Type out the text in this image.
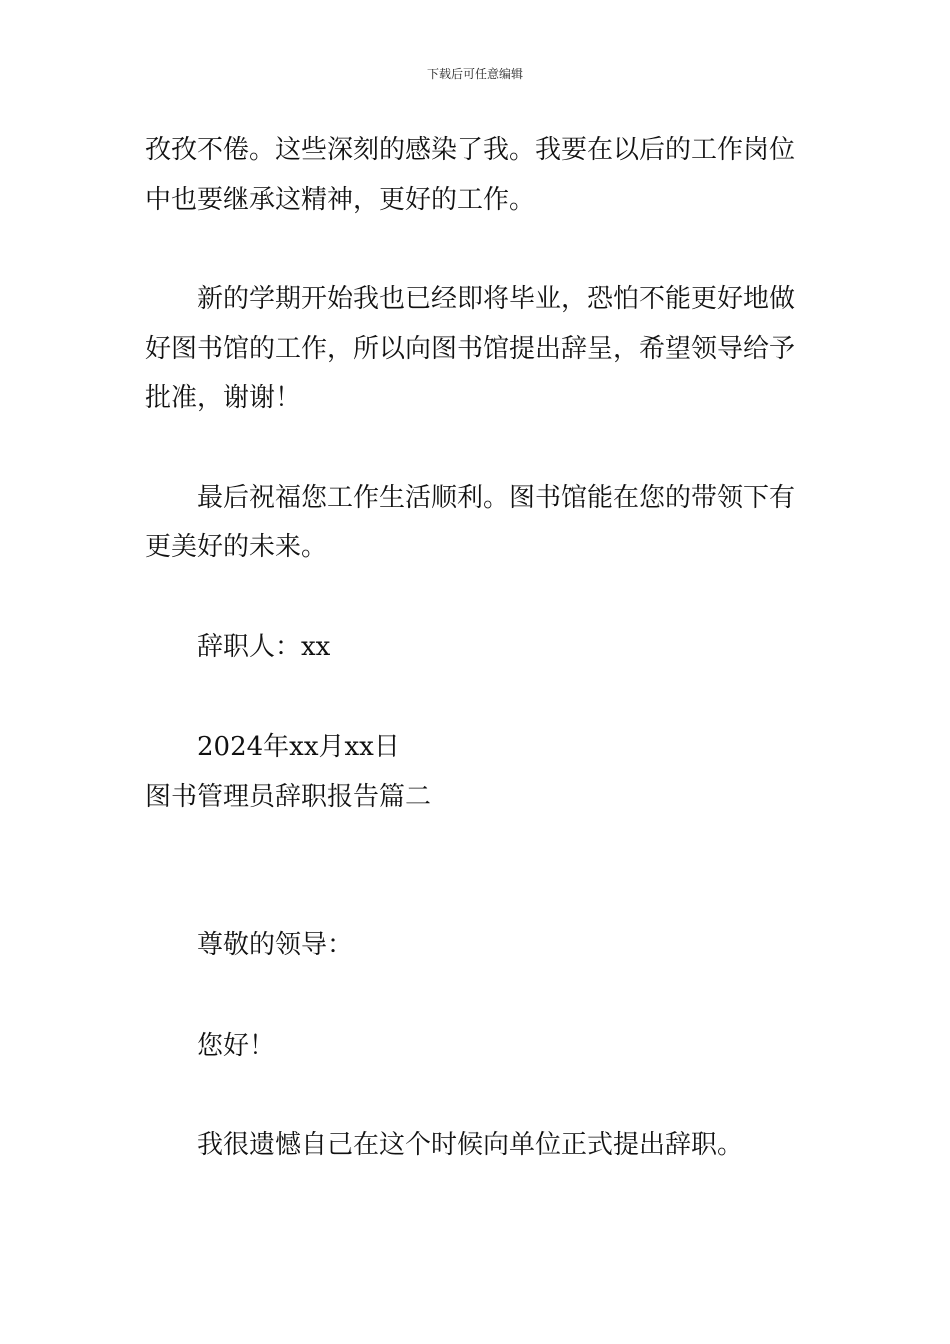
下载后可任意编辑
孜孜不倦。这些深刻的感染了我。我要在以后的工作岗位
中也要继承这精神，更好的工作。
新的学期开始我也已经即将毕业，恐怕不能更好地做
好图书馆的工作，所以向图书馆提出辞呈，希望领导给予
批准，谢谢！
最后祝福您工作生活顺利。图书馆能在您的带领下有
更美好的未来。
辞职人：xx
2024年xx月xx日
图书管理员辞职报告篇二
尊敬的领导：
您好！
我很遗憾自己在这个时候向单位正式提出辞职。
